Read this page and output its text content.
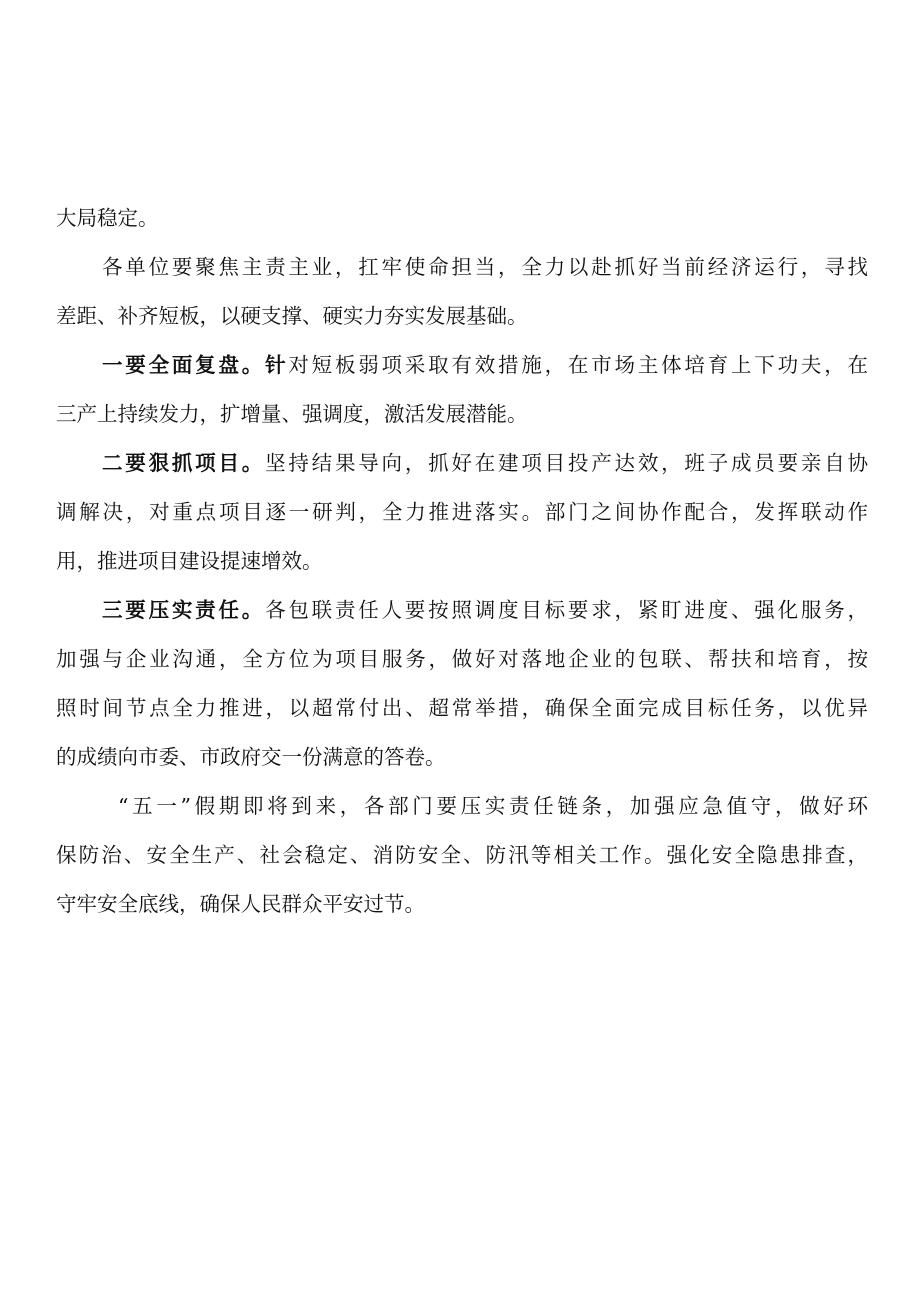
大局稳定。
各单位要聚焦主责主业，扛牢使命担当，全力以赴抓好当前经济运行，寻找
差距、补齐短板，以硬支撑、硬实力夯实发展基础。
一要全面复盘。针对短板弱项采取有效措施，在市场主体培育上下功夫，在
三产上持续发力，扩增量、强调度，激活发展潜能。
二要狠抓项目。坚持结果导向，抓好在建项目投产达效，班子成员要亲自协
调解决，对重点项目逐一研判，全力推进落实。部门之间协作配合，发挥联动作
用，推进项目建设提速增效。
三要压实责任。各包联责任人要按照调度目标要求，紧盯进度、强化服务，
加强与企业沟通，全方位为项目服务，做好对落地企业的包联、帮扶和培育，按
照时间节点全力推进，以超常付出、超常举措，确保全面完成目标任务，以优异
的成绩向市委、市政府交一份满意的答卷。
“五一”假期即将到来，各部门要压实责任链条，加强应急值守，做好环
保防治、安全生产、社会稳定、消防安全、防汛等相关工作。强化安全隐患排查，
守牢安全底线，确保人民群众平安过节。
